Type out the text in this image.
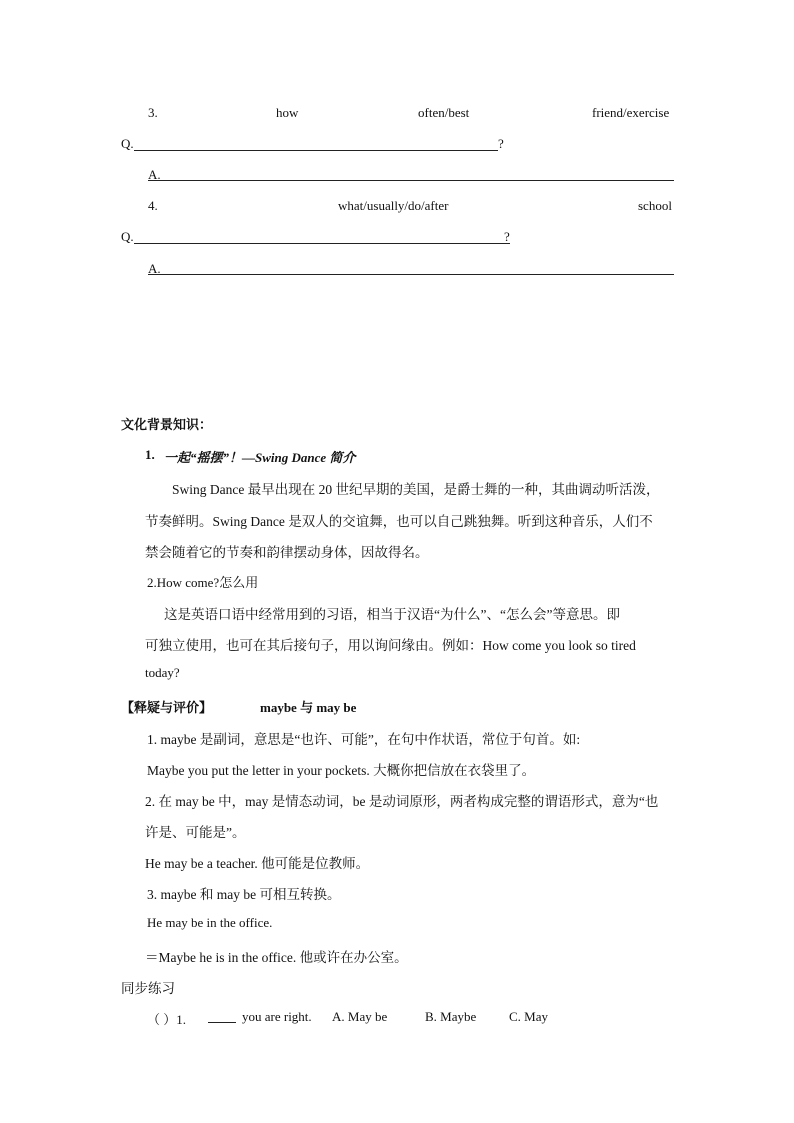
3.	how	often/best	friend/exercise
Q.	?
A.
4.	what/usually/do/after	school
Q.	?
A.
文化背景知识：
1. 一起“摇摆”！—Swing Dance 简介
Swing Dance 最早出现在 20 世纪早期的美国，是爵士舞的一种，其曲调动听活泼，
节奏鲜明。Swing Dance 是双人的交谊舞，也可以自己跳独舞。听到这种音乐，人们不
禁会随着它的节奏和韵律摆动身体，因故得名。
2.How come?怎么用
这是英语口语中经常用到的习语，相当于汉语“为什么”、“怎么会”等意思。即
可独立使用，也可在其后接句子，用以询问缘由。例如：How come you look so tired
today?
【释疑与评价】	maybe 与 may be
1. maybe 是副词，意思是“也许、可能”，在句中作状语，常位于句首。如:
Maybe you put the letter in your pockets. 大概你把信放在衣袋里了。
2. 在 may be 中，may 是情态动词，be 是动词原形，两者构成完整的谓语形式，意为“也
许是、可能是”。
He may be a teacher. 他可能是位教师。
3. maybe 和 may be 可相互转换。
He may be in the office.
＝Maybe he is in the office. 他或许在办公室。
同步练习
（ ）1.	you are right. A. May be	B. Maybe	C. May
